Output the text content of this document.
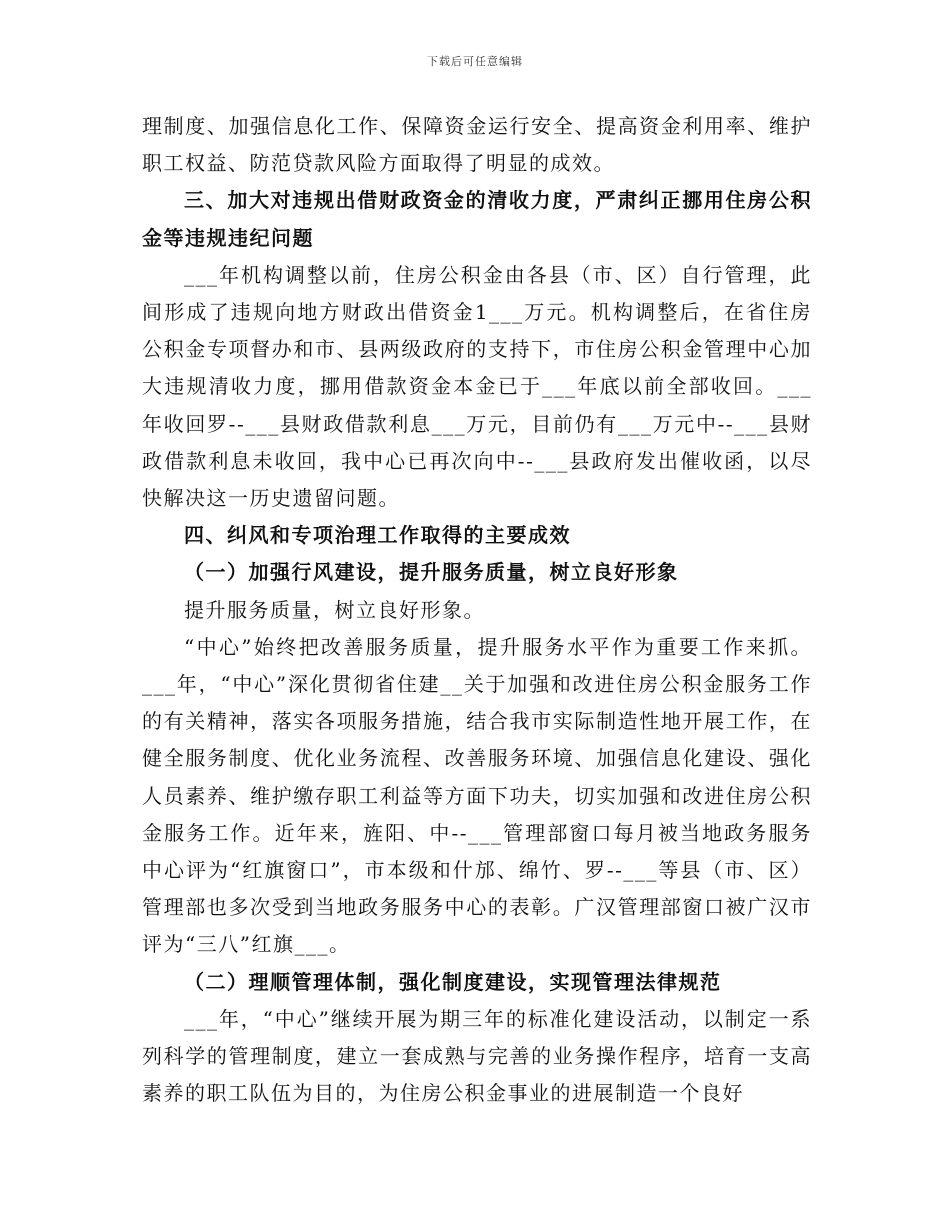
下载后可任意编辑

理制度、加强信息化工作、保障资金运行安全、提高资金利用率、维护职工权益、防范贷款风险方面取得了明显的成效。

三、加大对违规出借财政资金的清收力度，严肃纠正挪用住房公积金等违规违纪问题

___年机构调整以前，住房公积金由各县（市、区）自行管理，此间形成了违规向地方财政出借资金1___万元。机构调整后，在省住房公积金专项督办和市、县两级政府的支持下，市住房公积金管理中心加大违规清收力度，挪用借款资金本金已于___年底以前全部收回。___年收回罗--___县财政借款利息___万元，目前仍有___万元中--___县财政借款利息未收回，我中心已再次向中--___县政府发出催收函，以尽快解决这一历史遗留问题。

四、纠风和专项治理工作取得的主要成效

（一）加强行风建设，提升服务质量，树立良好形象

提升服务质量，树立良好形象。

“中心”始终把改善服务质量，提升服务水平作为重要工作来抓。___年，“中心”深化贯彻省住建__关于加强和改进住房公积金服务工作的有关精神，落实各项服务措施，结合我市实际制造性地开展工作，在健全服务制度、优化业务流程、改善服务环境、加强信息化建设、强化人员素养、维护缴存职工利益等方面下功夫，切实加强和改进住房公积金服务工作。近年来，旌阳、中--___管理部窗口每月被当地政务服务中心评为“红旗窗口”，市本级和什邡、绵竹、罗--___等县（市、区）管理部也多次受到当地政务服务中心的表彰。广汉管理部窗口被广汉市评为“三八”红旗___。

（二）理顺管理体制，强化制度建设，实现管理法律规范

___年，“中心”继续开展为期三年的标准化建设活动，以制定一系列科学的管理制度，建立一套成熟与完善的业务操作程序，培育一支高素养的职工队伍为目的，为住房公积金事业的进展制造一个良好
